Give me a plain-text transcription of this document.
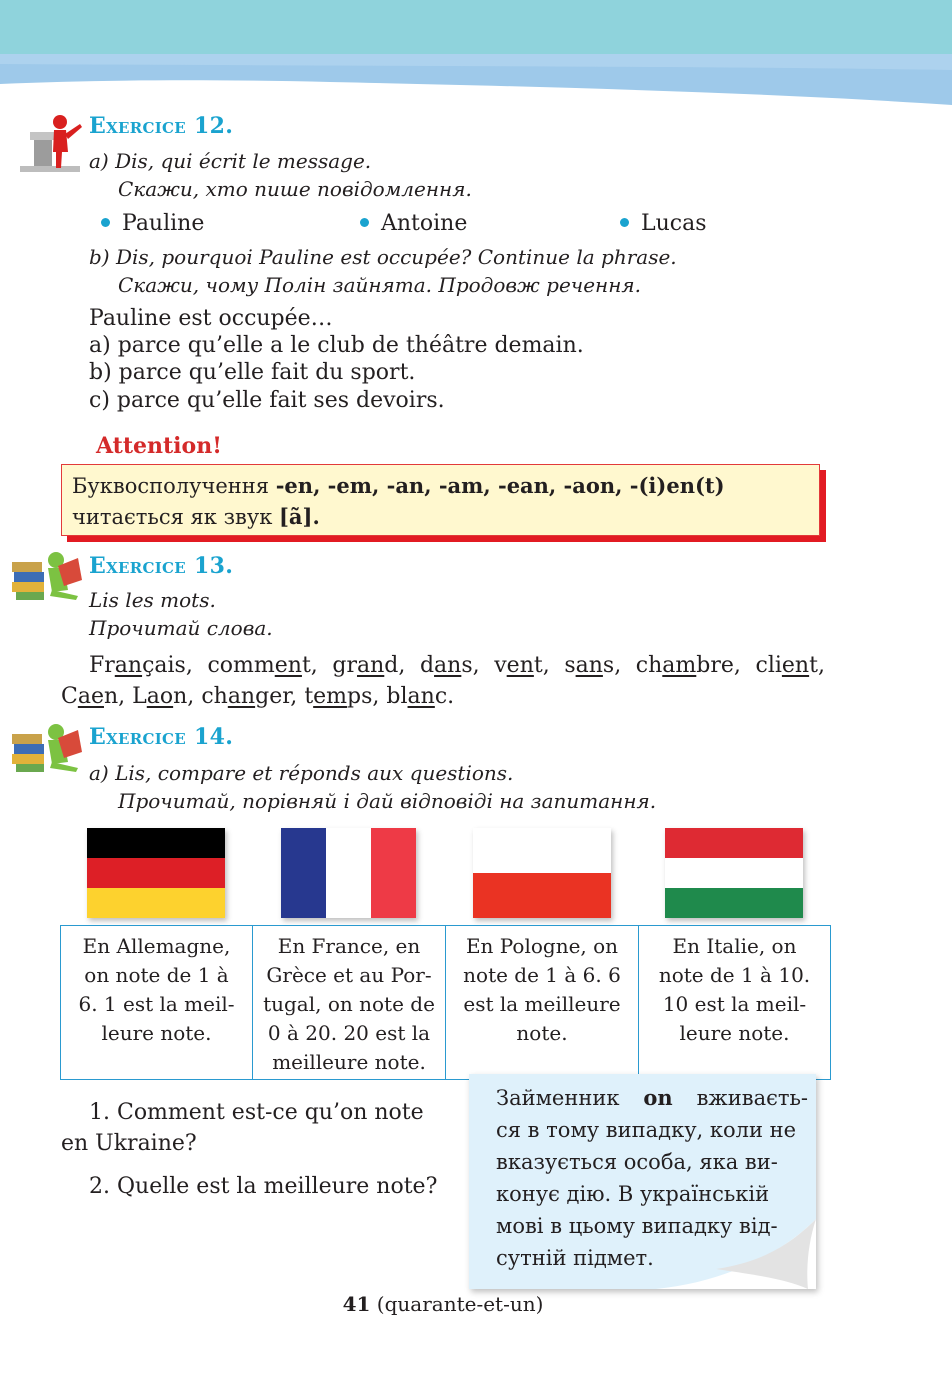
Exercice 12.
a) Dis, qui écrit le message.
Скажи, хто пише повідомлення.
Pauline	Antoine	Lucas
b) Dis, pourquoi Pauline est occupée? Continue la phrase.
Скажи, чому Полін зайнята. Продовж речення.
Pauline est occupée…
a) parce qu’elle a le club de théâtre demain.
b) parce qu’elle fait du sport.
c) parce qu’elle fait ses devoirs.
Attention!
Буквосполучення -en, -em, -an, -am, -ean, -aon, -(i)en(t)
читається як звук [ã].
Exercice 13.
Lis les mots.
Прочитай слова.
Français, comment, grand, dans, vent, sans, chambre, client,
Caen, Laon, changer, temps, blanc.
Exercice 14.
a) Lis, compare et réponds aux questions.
Прочитай, порівняй і дай відповіді на запитання.
En Allemagne,
on note de 1 à
6. 1 est la meil-
leure note.
En France, en
Grèce et au Por-
tugal, on note de
0 à 20. 20 est la
meilleure note.
En Pologne, on
note de 1 à 6. 6
est la meilleure
note.
En Italie, on
note de 1 à 10.
10 est la meil-
leure note.
1. Comment est-ce qu’on note
en Ukraine?
2. Quelle est la meilleure note?
Займенник on вживаєть-
ся в тому випадку, коли не
вказується особа, яка ви-
конує дію. В українській
мові в цьому випадку від-
сутній підмет.
41 (quarante-et-un)
